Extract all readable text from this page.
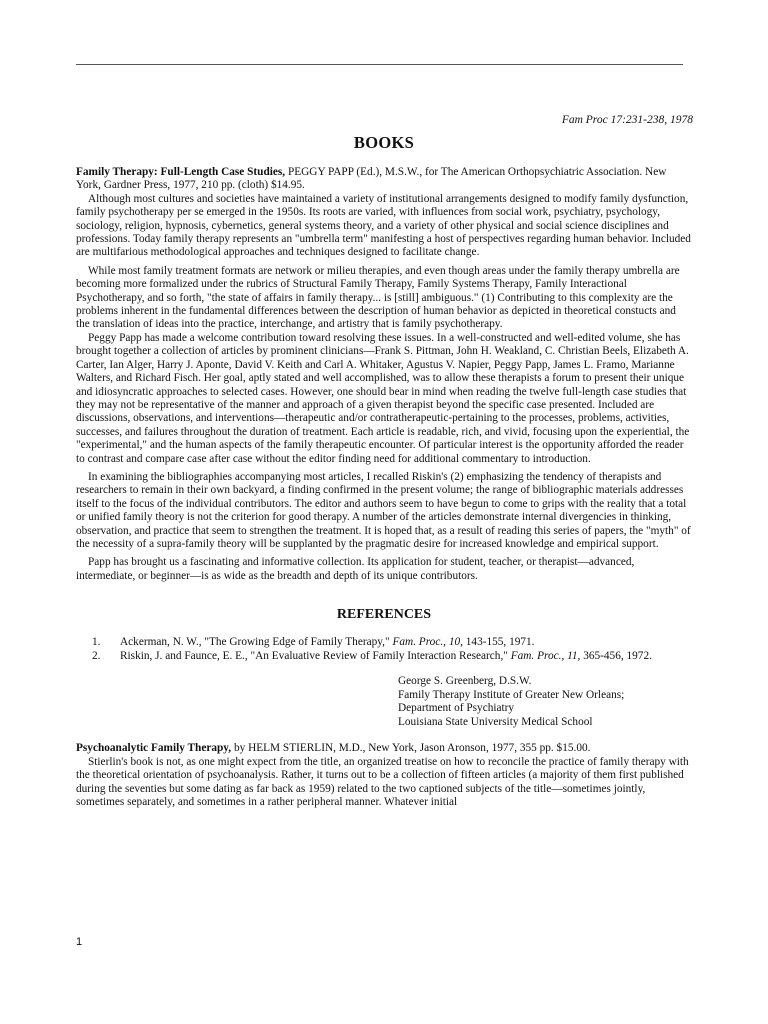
Fam Proc 17:231-238, 1978
BOOKS

Family Therapy: Full-Length Case Studies, PEGGY PAPP (Ed.), M.S.W., for The American Orthopsychiatric Association. New York, Gardner Press, 1977, 210 pp. (cloth) $14.95.

Although most cultures and societies have maintained a variety of institutional arrangements designed to modify family dysfunction, family psychotherapy per se emerged in the 1950s. Its roots are varied, with influences from social work, psychiatry, psychology, sociology, religion, hypnosis, cybernetics, general systems theory, and a variety of other physical and social science disciplines and professions. Today family therapy represents an "umbrella term" manifesting a host of perspectives regarding human behavior. Included are multifarious methodological approaches and techniques designed to facilitate change.

While most family treatment formats are network or milieu therapies, and even though areas under the family therapy umbrella are becoming more formalized under the rubrics of Structural Family Therapy, Family Systems Therapy, Family Interactional Psychotherapy, and so forth, "the state of affairs in family therapy... is [still] ambiguous." (1) Contributing to this complexity are the problems inherent in the fundamental differences between the description of human behavior as depicted in theoretical constucts and the translation of ideas into the practice, interchange, and artistry that is family psychotherapy.

Peggy Papp has made a welcome contribution toward resolving these issues. In a well-constructed and well-edited volume, she has brought together a collection of articles by prominent clinicians—Frank S. Pittman, John H. Weakland, C. Christian Beels, Elizabeth A. Carter, Ian Alger, Harry J. Aponte, David V. Keith and Carl A. Whitaker, Agustus V. Napier, Peggy Papp, James L. Framo, Marianne Walters, and Richard Fisch. Her goal, aptly stated and well accomplished, was to allow these therapists a forum to present their unique and idiosyncratic approaches to selected cases. However, one should bear in mind when reading the twelve full-length case studies that they may not be representative of the manner and approach of a given therapist beyond the specific case presented. Included are discussions, observations, and interventions—therapeutic and/or contratherapeutic-pertaining to the processes, problems, activities, successes, and failures throughout the duration of treatment. Each article is readable, rich, and vivid, focusing upon the experiential, the "experimental," and the human aspects of the family therapeutic encounter. Of particular interest is the opportunity afforded the reader to contrast and compare case after case without the editor finding need for additional commentary to introduction.

In examining the bibliographies accompanying most articles, I recalled Riskin's (2) emphasizing the tendency of therapists and researchers to remain in their own backyard, a finding confirmed in the present volume; the range of bibliographic materials addresses itself to the focus of the individual contributors. The editor and authors seem to have begun to come to grips with the reality that a total or unified family theory is not the criterion for good therapy. A number of the articles demonstrate internal divergencies in thinking, observation, and practice that seem to strengthen the treatment. It is hoped that, as a result of reading this series of papers, the "myth" of the necessity of a supra-family theory will be supplanted by the pragmatic desire for increased knowledge and empirical support.

Papp has brought us a fascinating and informative collection. Its application for student, teacher, or therapist—advanced, intermediate, or beginner—is as wide as the breadth and depth of its unique contributors.

REFERENCES
1. Ackerman, N. W., "The Growing Edge of Family Therapy," Fam. Proc., 10, 143-155, 1971.
2. Riskin, J. and Faunce, E. E., "An Evaluative Review of Family Interaction Research," Fam. Proc., 11, 365-456, 1972.
George S. Greenberg, D.S.W.
Family Therapy Institute of Greater New Orleans;
Department of Psychiatry
Louisiana State University Medical School

Psychoanalytic Family Therapy, by HELM STIERLIN, M.D., New York, Jason Aronson, 1977, 355 pp. $15.00.

Stierlin's book is not, as one might expect from the title, an organized treatise on how to reconcile the practice of family therapy with the theoretical orientation of psychoanalysis. Rather, it turns out to be a collection of fifteen articles (a majority of them first published during the seventies but some dating as far back as 1959) related to the two captioned subjects of the title—sometimes jointly, sometimes separately, and sometimes in a rather peripheral manner. Whatever initial

1
